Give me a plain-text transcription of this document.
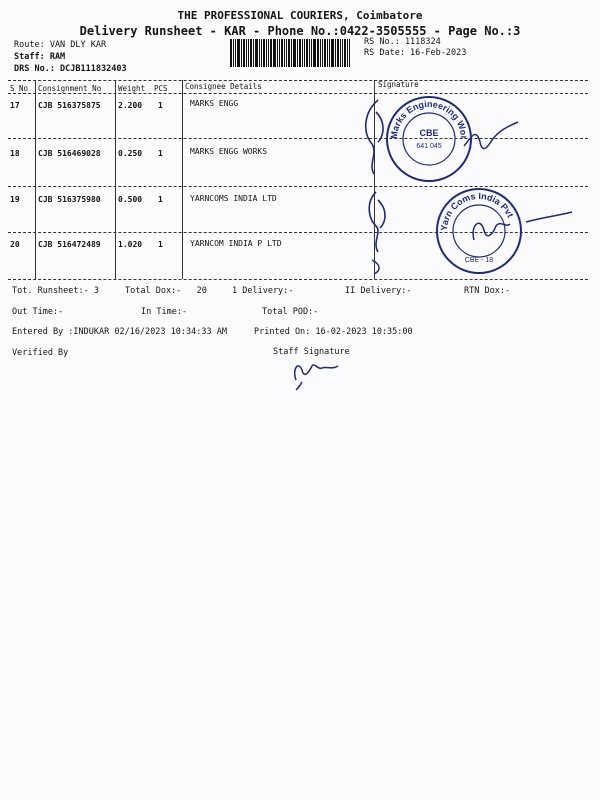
THE PROFESSIONAL COURIERS, Coimbatore
Delivery Runsheet - KAR - Phone No.:0422-3505555 - Page No.:3
Route: VAN DLY KAR
Staff: RAM
DRS No.: DCJB111832403
RS No.: 1118324
RS Date: 16-Feb-2023
S No Consignment No Weight PCS Consignee Details	Signature
17 CJB 516375875 2.200 1	MARKS ENGG
18 CJB 516469028 0.250 1	MARKS ENGG WORKS
19 CJB 516375980 0.500 1	YARNCOMS INDIA LTD
20 CJB 516472489 1.020 1	YARNCOM INDIA P LTD
Marks Engineering Wor
CBE
641 045
Yarn Coms India Pvt
CBE - 18
Tot. Runsheet:- 3	Total Dox:-   20	1 Delivery:-	II Delivery:-	RTN Dox:-
Out Time:-	In Time:-	Total POD:-
Entered By :INDUKAR 02/16/2023 10:34:33 AM	Printed On: 16-02-2023 10:35:00
Verified By	Staff Signature
